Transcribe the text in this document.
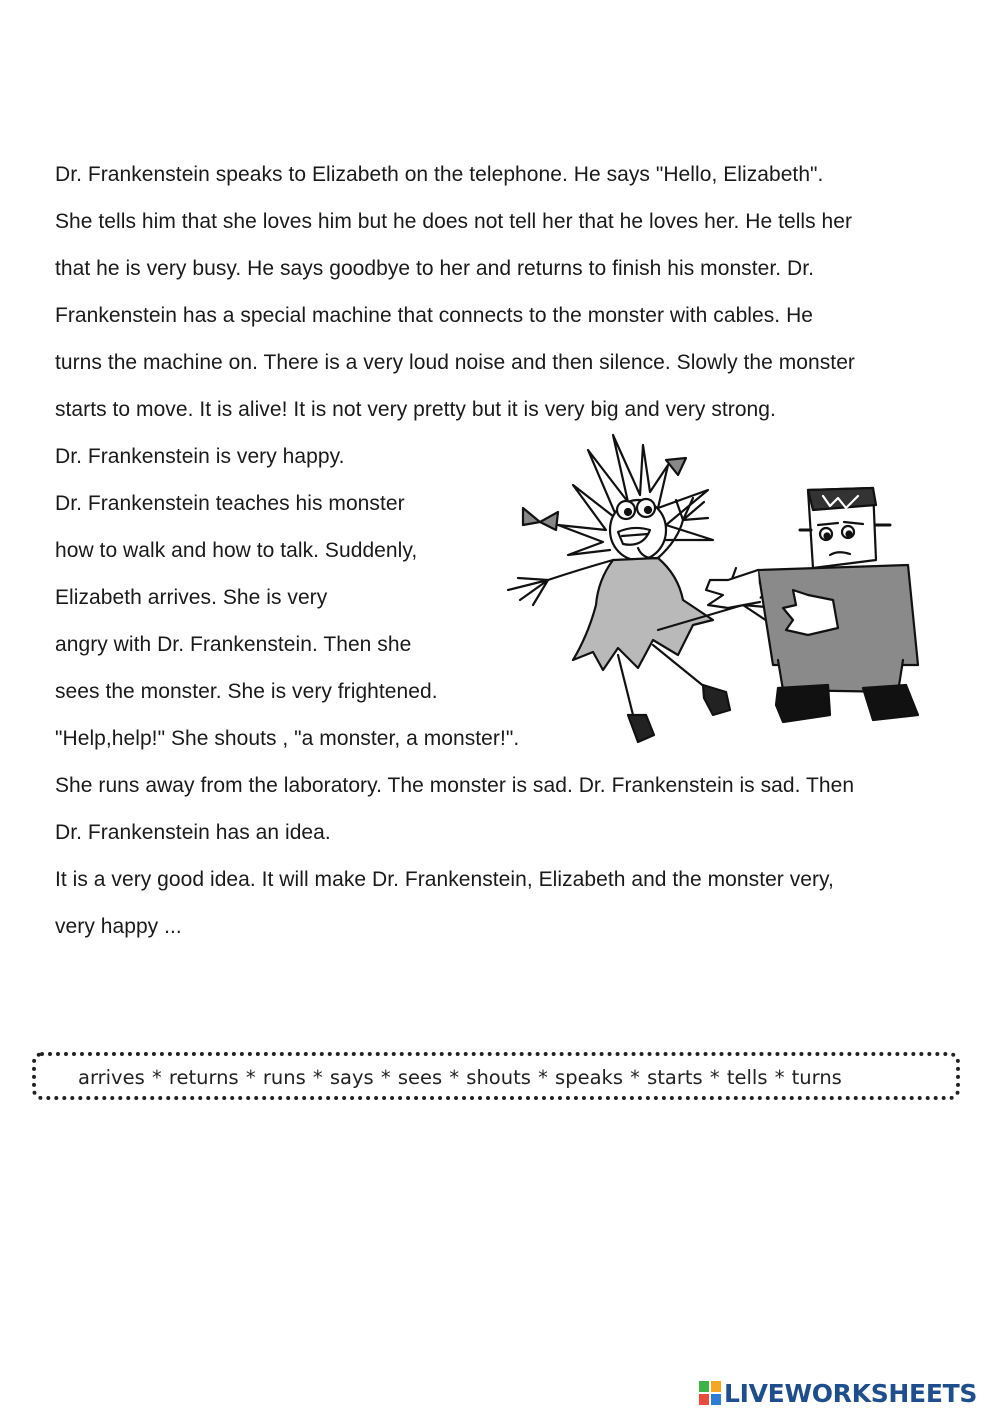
Dr. Frankenstein speaks to Elizabeth on the telephone. He says "Hello, Elizabeth".
She tells him that she loves him but he does not tell her that he loves her. He tells her
that he is very busy. He says goodbye to her and returns to finish his monster. Dr.
Frankenstein has a special machine that connects to the monster with cables. He
turns the machine on. There is a very loud noise and then silence. Slowly the monster
starts to move. It is alive! It is not very pretty but it is very big and very strong.
Dr. Frankenstein is very happy.
Dr. Frankenstein teaches his monster
how to walk and how to talk. Suddenly,
Elizabeth arrives. She is very
angry with Dr. Frankenstein. Then she
sees the monster. She is very frightened.
"Help,help!" She shouts , "a monster, a monster!".
She runs away from the laboratory. The monster is sad. Dr. Frankenstein is sad. Then
Dr. Frankenstein has an idea.
It is a very good idea. It will make Dr. Frankenstein, Elizabeth and the monster very,
very happy ...
arrives * returns * runs * says * sees * shouts * speaks * starts * tells * turns
LIVEWORKSHEETS
